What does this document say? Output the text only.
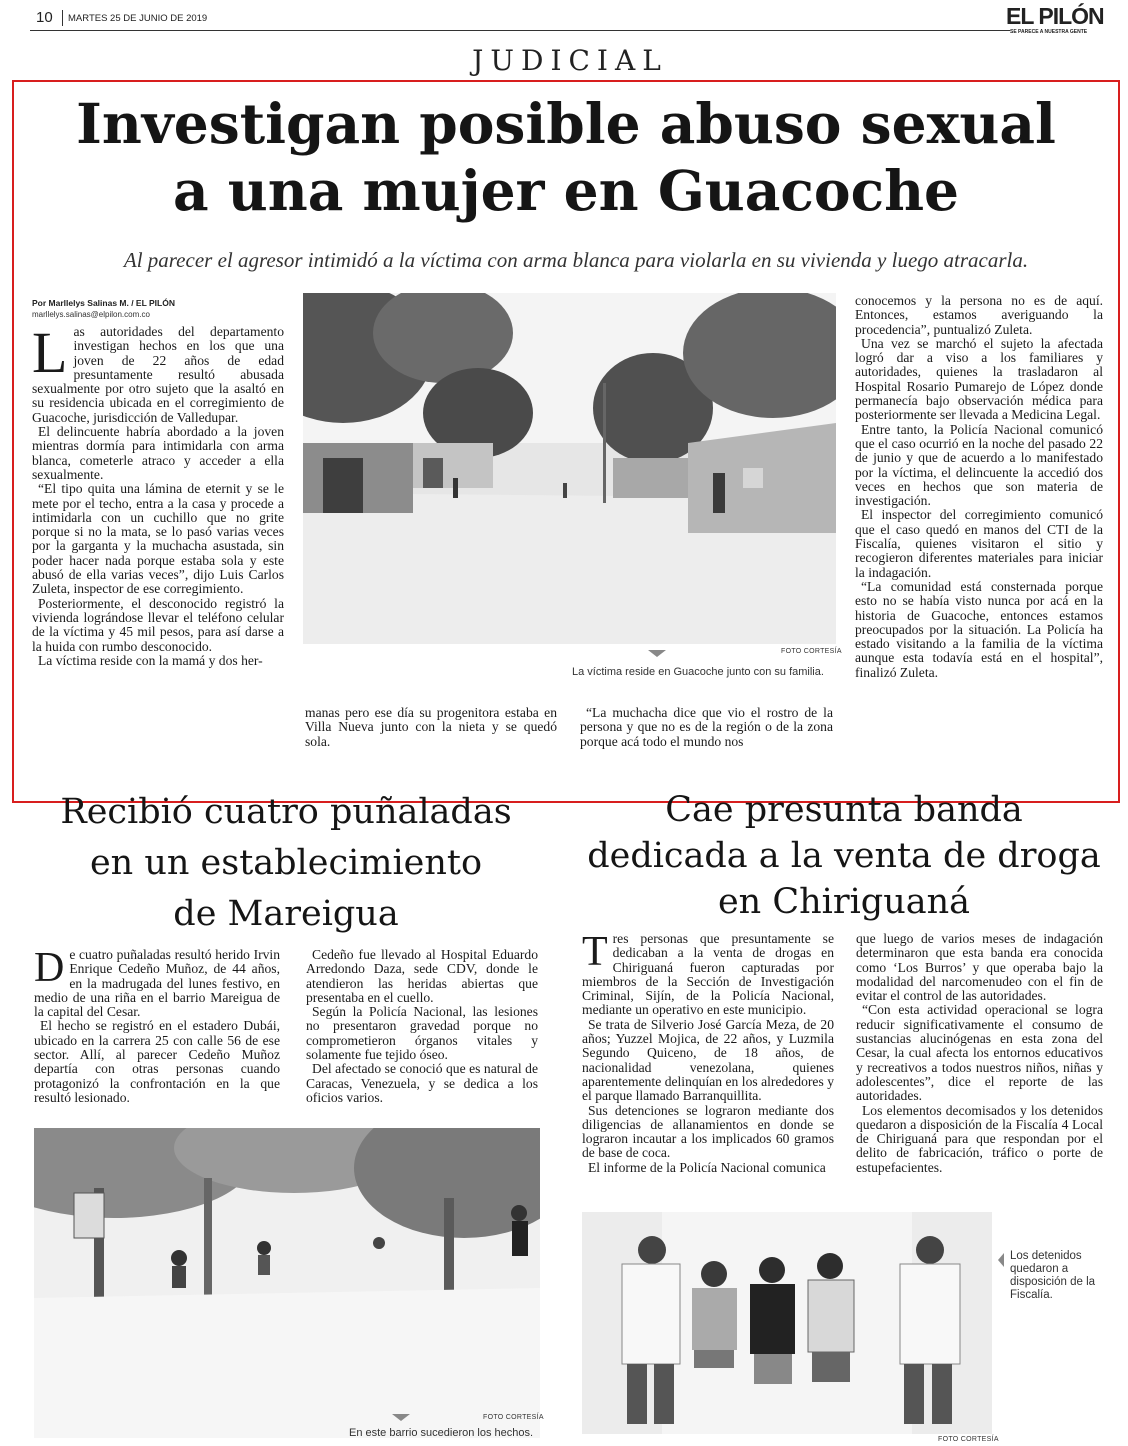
10 MARTES 25 DE JUNIO DE 2019	EL PILÓN
SE PARECE A NUESTRA GENTE
JUDICIAL
Investigan posible abuso sexual
a una mujer en Guacoche
Al parecer el agresor intimidó a la víctima con arma blanca para violarla en su vivienda y luego atracarla.
Por Marllelys Salinas M. / EL PILÓN
marllelys.salinas@elpilon.com.co
L as autoridades del departamento investigan hechos en los que una joven de 22 años de edad presuntamente resultó abusada sexualmente por otro sujeto que la asaltó en su residencia ubicada en el corregimiento de Guacoche, jurisdicción de Valledupar.

El delincuente habría abordado a la joven mientras dormía para intimidarla con arma blanca, cometerle atraco y acceder a ella sexualmente.

“El tipo quita una lámina de eternit y se le mete por el techo, entra a la casa y procede a intimidarla con un cuchillo que no grite porque si no la mata, se lo pasó varias veces por la garganta y la muchacha asustada, sin poder hacer nada porque estaba sola y este abusó de ella varias veces”, dijo Luis Carlos Zuleta, inspector de ese corregimiento.

Posteriormente, el desconocido registró la vivienda lográndose llevar el teléfono celular de la víctima y 45 mil pesos, para así darse a la huida con rumbo desconocido.

La víctima reside con la mamá y dos her-

FOTO CORTESÍA
La víctima reside en Guacoche junto con su familia.

manas pero ese día su progenitora estaba en Villa Nueva junto con la nieta y se quedó sola.

“La muchacha dice que vio el rostro de la persona y que no es de la región o de la zona porque acá todo el mundo nos

conocemos y la persona no es de aquí. Entonces, estamos averiguando la procedencia”, puntualizó Zuleta.

Una vez se marchó el sujeto la afectada logró dar a viso a los familiares y autoridades, quienes la trasladaron al Hospital Rosario Pumarejo de López donde permanecía bajo observación médica para posteriormente ser llevada a Medicina Legal.

Entre tanto, la Policía Nacional comunicó que el caso ocurrió en la noche del pasado 22 de junio y que de acuerdo a lo manifestado por la víctima, el delincuente la accedió dos veces en hechos que son materia de investigación.

El inspector del corregimiento comunicó que el caso quedó en manos del CTI de la Fiscalía, quienes visitaron el sitio y recogieron diferentes materiales para iniciar la indagación.

“La comunidad está consternada porque esto no se había visto nunca por acá en la historia de Guacoche, entonces estamos preocupados por la situación. La Policía ha estado visitando a la familia de la víctima aunque esta todavía está en el hospital”, finalizó Zuleta.

Recibió cuatro puñaladas
en un establecimiento
de Mareigua
D e cuatro puñaladas resultó herido Irvin Enrique Cedeño Muñoz, de 44 años, en la madrugada del lunes festivo, en medio de una riña en el barrio Mareigua de la capital del Cesar.

El hecho se registró en el estadero Dubái, ubicado en la carrera 25 con calle 56 de ese sector. Allí, al parecer Cedeño Muñoz departía con otras personas cuando protagonizó la confrontación en la que resultó lesionado.

Cedeño fue llevado al Hospital Eduardo Arredondo Daza, sede CDV, donde le atendieron las heridas abiertas que presentaba en el cuello.

Según la Policía Nacional, las lesiones no presentaron gravedad porque no comprometieron órganos vitales y solamente fue tejido óseo.

Del afectado se conoció que es natural de Caracas, Venezuela, y se dedica a los oficios varios.

FOTO CORTESÍA
En este barrio sucedieron los hechos.
Cae presunta banda
dedicada a la venta de droga
en Chiriguaná
T res personas que presuntamente se dedicaban a la venta de drogas en Chiriguaná fueron capturadas por miembros de la Sección de Investigación Criminal, Sijín, de la Policía Nacional, mediante un operativo en este municipio.

Se trata de Silverio José García Meza, de 20 años; Yuzzel Mojica, de 22 años, y Luzmila Segundo Quiceno, de 18 años, de nacionalidad venezolana, quienes aparentemente delinquían en los alrededores y el parque llamado Barranquillita.

Sus detenciones se lograron mediante dos diligencias de allanamientos en donde se lograron incautar a los implicados 60 gramos de base de coca.

El informe de la Policía Nacional comunica

que luego de varios meses de indagación determinaron que esta banda era conocida como ‘Los Burros’ y que operaba bajo la modalidad del narcomenudeo con el fin de evitar el control de las autoridades.

“Con esta actividad operacional se logra reducir significativamente el consumo de sustancias alucinógenas en esta zona del Cesar, la cual afecta los entornos educativos y recreativos a todos nuestros niños, niñas y adolescentes”, dice el reporte de las autoridades.

Los elementos decomisados y los detenidos quedaron a disposición de la Fiscalía 4 Local de Chiriguaná para que respondan por el delito de fabricación, tráfico o porte de estupefacientes.

FOTO CORTESÍA
Los detenidos quedaron a disposición de la Fiscalía.
